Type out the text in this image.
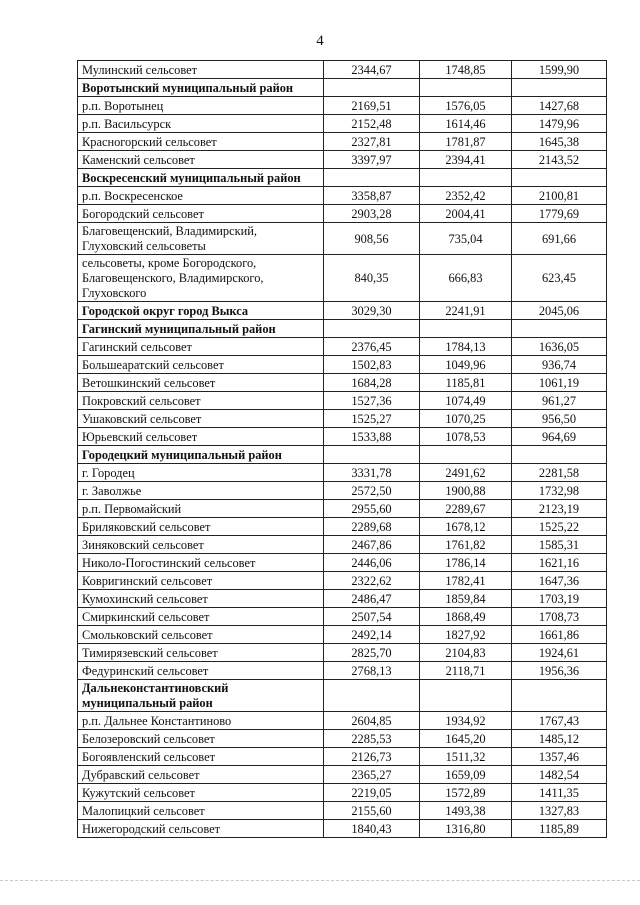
4
Мулинский сельсовет	2344,67	1748,85	1599,90
Воротынский муниципальный район			
р.п. Воротынец	2169,51	1576,05	1427,68
р.п. Васильсурск	2152,48	1614,46	1479,96
Красногорский сельсовет	2327,81	1781,87	1645,38
Каменский сельсовет	3397,97	2394,41	2143,52
Воскресенский муниципальный район			
р.п. Воскресенское	3358,87	2352,42	2100,81
Богородский сельсовет	2903,28	2004,41	1779,69
Благовещенский, Владимирский, Глуховский сельсоветы	908,56	735,04	691,66
сельсоветы, кроме Богородского, Благовещенского, Владимирского, Глуховского	840,35	666,83	623,45
Городской округ город Выкса	3029,30	2241,91	2045,06
Гагинский муниципальный район			
Гагинский сельсовет	2376,45	1784,13	1636,05
Большеаратский сельсовет	1502,83	1049,96	936,74
Ветошкинский сельсовет	1684,28	1185,81	1061,19
Покровский сельсовет	1527,36	1074,49	961,27
Ушаковский сельсовет	1525,27	1070,25	956,50
Юрьевский сельсовет	1533,88	1078,53	964,69
Городецкий муниципальный район			
г. Городец	3331,78	2491,62	2281,58
г. Заволжье	2572,50	1900,88	1732,98
р.п. Первомайский	2955,60	2289,67	2123,19
Бриляковский сельсовет	2289,68	1678,12	1525,22
Зиняковский сельсовет	2467,86	1761,82	1585,31
Николо-Погостинский сельсовет	2446,06	1786,14	1621,16
Ковригинский сельсовет	2322,62	1782,41	1647,36
Кумохинский сельсовет	2486,47	1859,84	1703,19
Смиркинский сельсовет	2507,54	1868,49	1708,73
Смольковский сельсовет	2492,14	1827,92	1661,86
Тимирязевский сельсовет	2825,70	2104,83	1924,61
Федуринский сельсовет	2768,13	2118,71	1956,36
Дальнеконстантиновский муниципальный район			
р.п. Дальнее Константиново	2604,85	1934,92	1767,43
Белозеровский сельсовет	2285,53	1645,20	1485,12
Богоявленский сельсовет	2126,73	1511,32	1357,46
Дубравский сельсовет	2365,27	1659,09	1482,54
Кужутский сельсовет	2219,05	1572,89	1411,35
Малопицкий сельсовет	2155,60	1493,38	1327,83
Нижегородский сельсовет	1840,43	1316,80	1185,89
